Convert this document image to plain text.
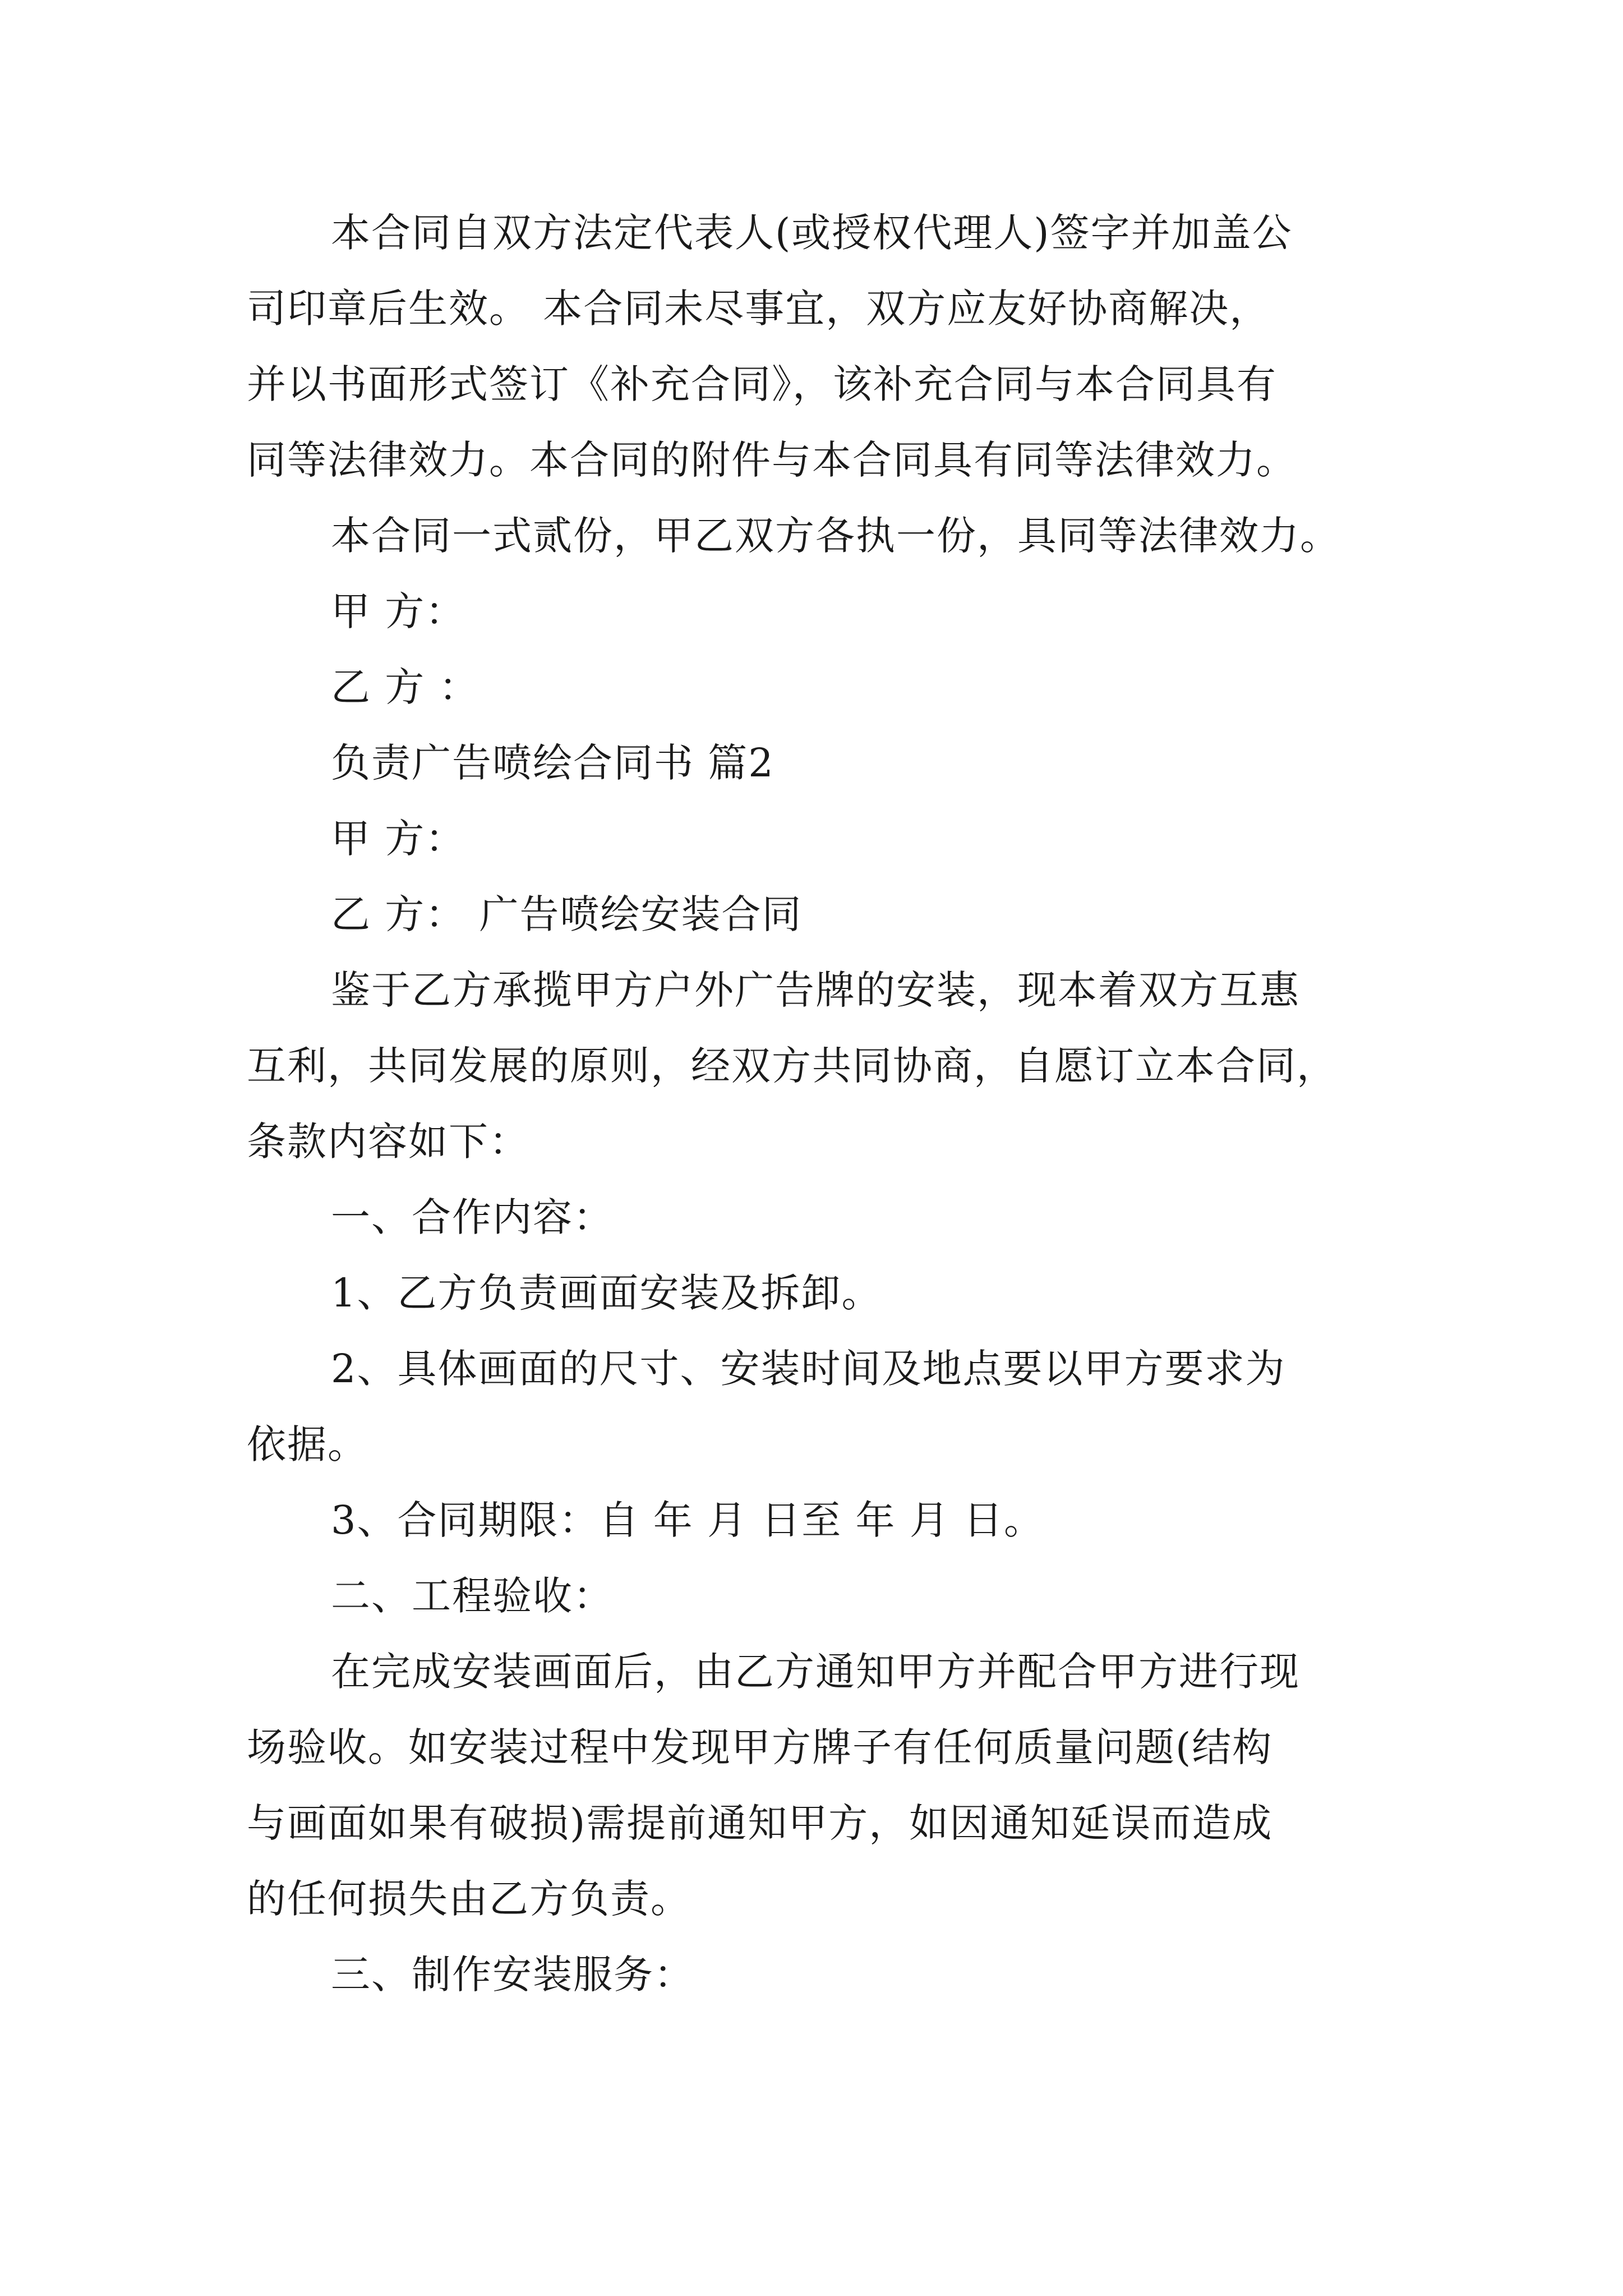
本合同自双方法定代表人(或授权代理人)签字并加盖公
司印章后生效。 本合同未尽事宜，双方应友好协商解决，
并以书面形式签订《补充合同》，该补充合同与本合同具有
同等法律效力。本合同的附件与本合同具有同等法律效力。
本合同一式贰份，甲乙双方各执一份，具同等法律效力。
甲 方：
乙 方 ：
负责广告喷绘合同书 篇2
甲 方：
乙 方： 广告喷绘安装合同
鉴于乙方承揽甲方户外广告牌的安装，现本着双方互惠
互利，共同发展的原则，经双方共同协商，自愿订立本合同，
条款内容如下：
一、合作内容：
1、乙方负责画面安装及拆卸。
2、具体画面的尺寸、安装时间及地点要以甲方要求为
依据。
3、合同期限：自 年 月 日至 年 月 日。
二、工程验收：
在完成安装画面后，由乙方通知甲方并配合甲方进行现
场验收。如安装过程中发现甲方牌子有任何质量问题(结构
与画面如果有破损)需提前通知甲方，如因通知延误而造成
的任何损失由乙方负责。
三、制作安装服务：
